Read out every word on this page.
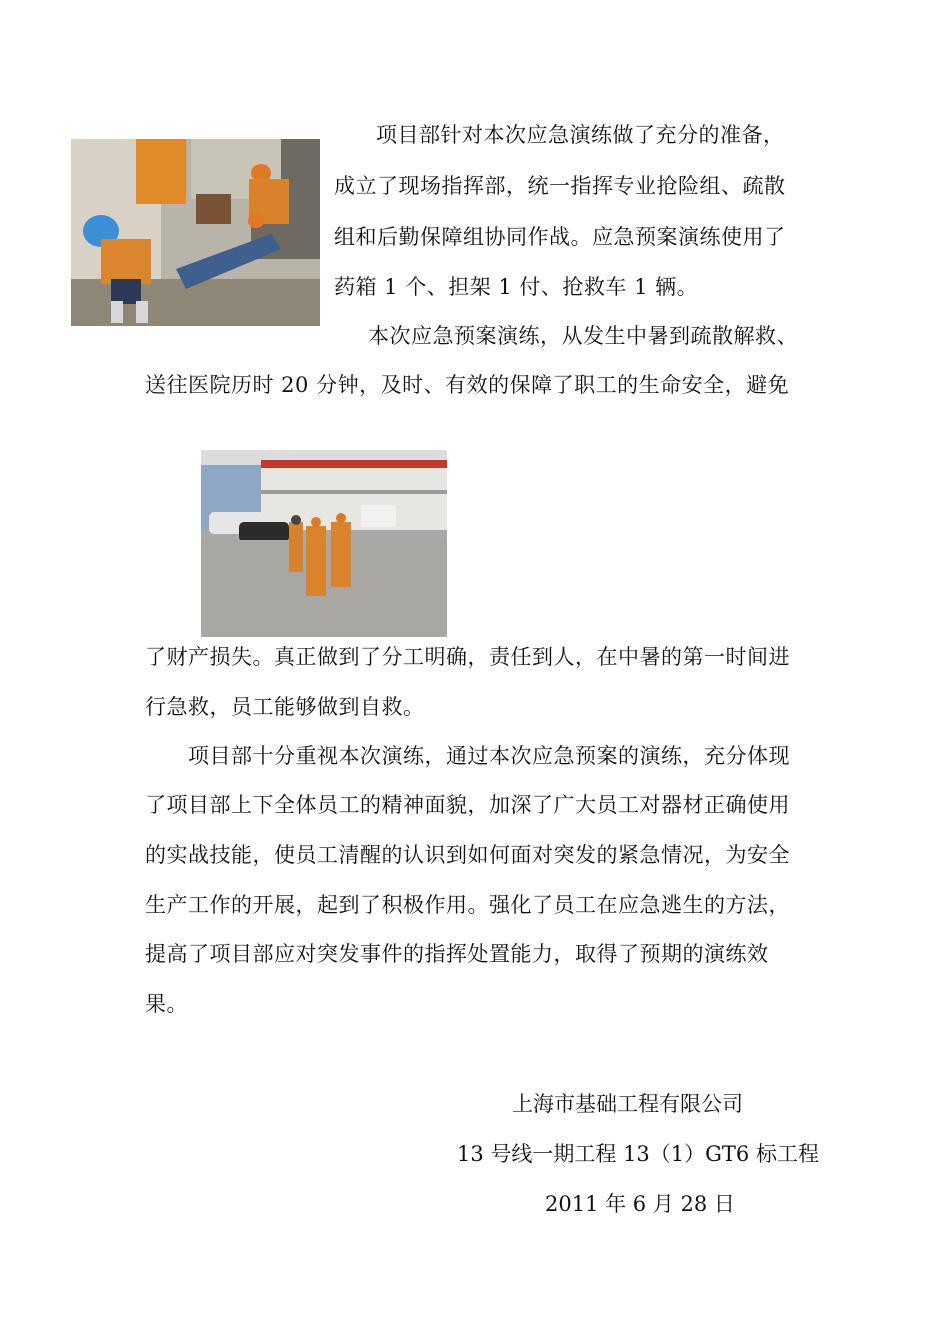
项目部针对本次应急演练做了充分的准备，
成立了现场指挥部，统一指挥专业抢险组、疏散
组和后勤保障组协同作战。应急预案演练使用了
药箱 1 个、担架 1 付、抢救车 1 辆。
本次应急预案演练，从发生中暑到疏散解救、
送往医院历时 20 分钟，及时、有效的保障了职工的生命安全，避免
了财产损失。真正做到了分工明确，责任到人，在中暑的第一时间进
行急救，员工能够做到自救。
项目部十分重视本次演练，通过本次应急预案的演练，充分体现
了项目部上下全体员工的精神面貌，加深了广大员工对器材正确使用
的实战技能，使员工清醒的认识到如何面对突发的紧急情况，为安全
生产工作的开展，起到了积极作用。强化了员工在应急逃生的方法，
提高了项目部应对突发事件的指挥处置能力，取得了预期的演练效
果。
上海市基础工程有限公司
13 号线一期工程 13（1）GT6 标工程
2011 年 6 月 28 日
